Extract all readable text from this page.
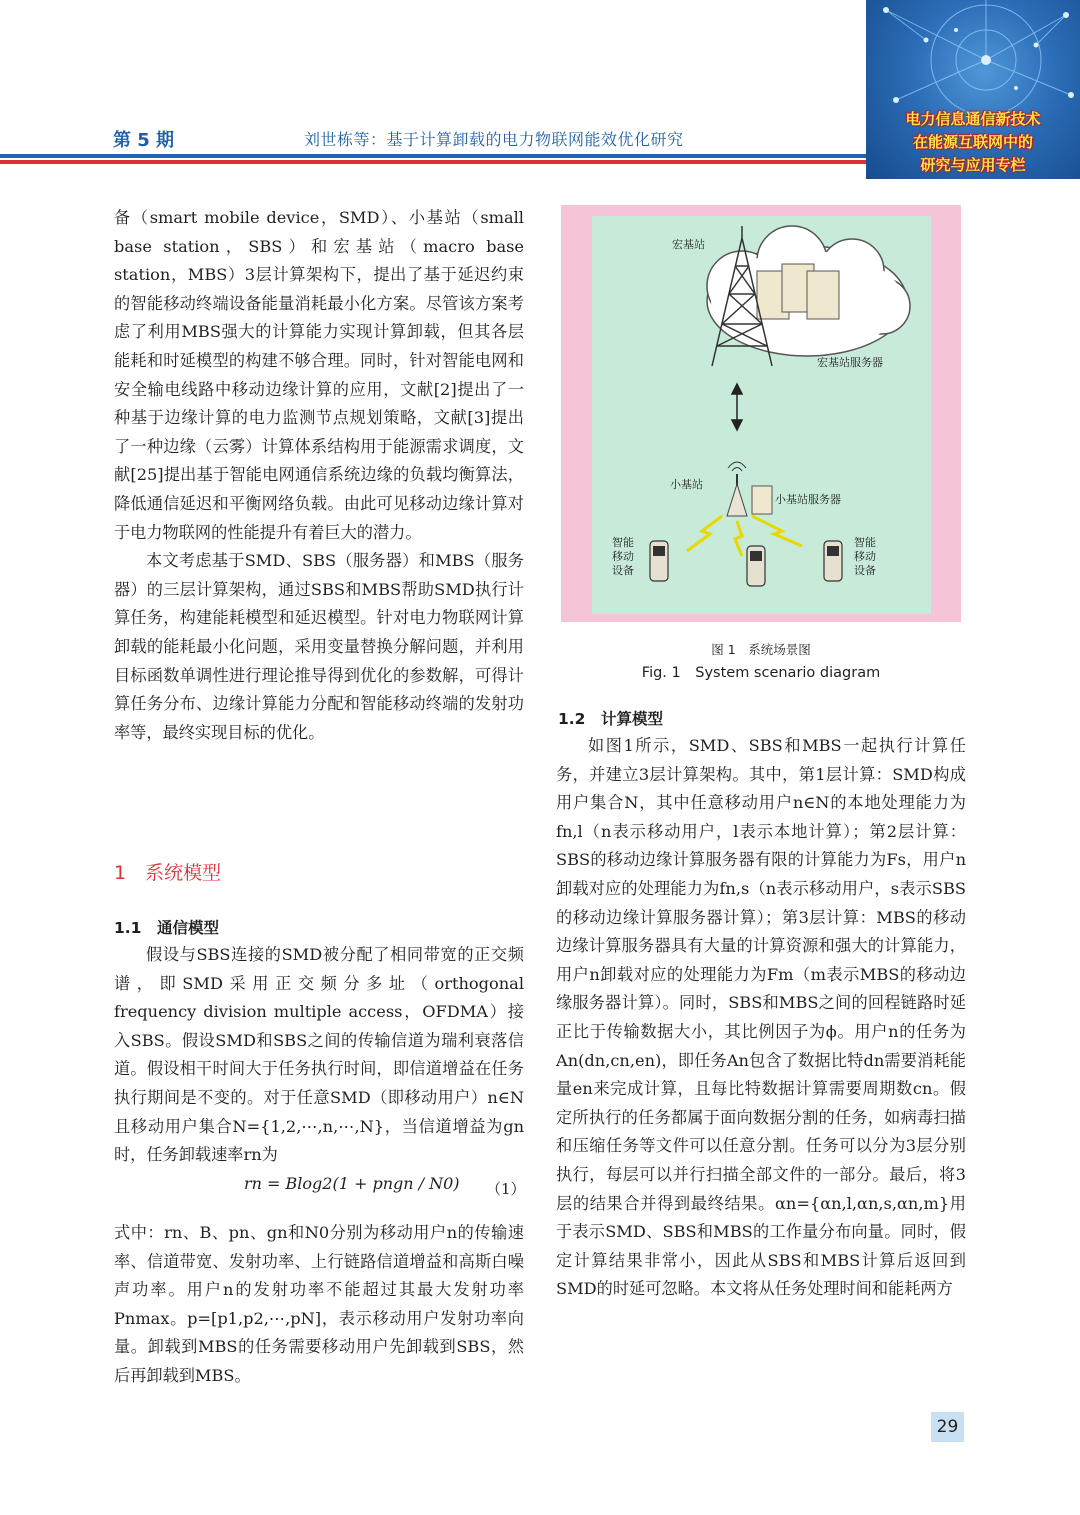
电力信息通信新技术
在能源互联网中的
研究与应用专栏
第 5 期	刘世栋等：基于计算卸载的电力物联网能效优化研究

备（smart mobile device，SMD）、小基站（small base station，SBS）和宏基站（macro base station，MBS）3层计算架构下，提出了基于延迟约束的智能移动终端设备能量消耗最小化方案。尽管该方案考虑了利用MBS强大的计算能力实现计算卸载，但其各层能耗和时延模型的构建不够合理。同时，针对智能电网和安全输电线路中移动边缘计算的应用，文献[2]提出了一种基于边缘计算的电力监测节点规划策略，文献[3]提出了一种边缘（云雾）计算体系结构用于能源需求调度，文献[25]提出基于智能电网通信系统边缘的负载均衡算法，降低通信延迟和平衡网络负载。由此可见移动边缘计算对于电力物联网的性能提升有着巨大的潜力。

本文考虑基于SMD、SBS（服务器）和MBS（服务器）的三层计算架构，通过SBS和MBS帮助SMD执行计算任务，构建能耗模型和延迟模型。针对电力物联网计算卸载的能耗最小化问题，采用变量替换分解问题，并利用目标函数单调性进行理论推导得到优化的参数解，可得计算任务分布、边缘计算能力分配和智能移动终端的发射功率等，最终实现目标的优化。

1　系统模型
1.1　通信模型

假设与SBS连接的SMD被分配了相同带宽的正交频谱，即SMD采用正交频分多址（orthogonal frequency division multiple access，OFDMA）接入SBS。假设SMD和SBS之间的传输信道为瑞利衰落信道。假设相干时间大于任务执行时间，即信道增益在任务执行期间是不变的。对于任意SMD（即移动用户）n∈N且移动用户集合N={1,2,⋯,n,⋯,N}，当信道增益为gn时，任务卸载速率rn为

rn = Blog2(1 + pngn / N0) （1）

式中：rn、B、pn、gn和N0分别为移动用户n的传输速率、信道带宽、发射功率、上行链路信道增益和高斯白噪声功率。用户n的发射功率不能超过其最大发射功率Pnmax。p=[p1,p2,⋯,pN]，表示移动用户发射功率向量。卸载到MBS的任务需要移动用户先卸载到SBS，然后再卸载到MBS。

宏基站
宏基站服务器
小基站
小基站服务器
智能
移动
设备
智能
移动
设备
图 1　系统场景图
Fig. 1　System scenario diagram
1.2　计算模型

如图1所示，SMD、SBS和MBS一起执行计算任务，并建立3层计算架构。其中，第1层计算：SMD构成用户集合N，其中任意移动用户n∈N的本地处理能力为fn,l（n表示移动用户，l表示本地计算）；第2层计算：SBS的移动边缘计算服务器有限的计算能力为Fs，用户n卸载对应的处理能力为fn,s（n表示移动用户，s表示SBS的移动边缘计算服务器计算）；第3层计算：MBS的移动边缘计算服务器具有大量的计算资源和强大的计算能力，用户n卸载对应的处理能力为Fm（m表示MBS的移动边缘服务器计算）。同时，SBS和MBS之间的回程链路时延正比于传输数据大小，其比例因子为ϕ。用户n的任务为An(dn,cn,en)，即任务An包含了数据比特dn需要消耗能量en来完成计算，且每比特数据计算需要周期数cn。假定所执行的任务都属于面向数据分割的任务，如病毒扫描和压缩任务等文件可以任意分割。任务可以分为3层分别执行，每层可以并行扫描全部文件的一部分。最后，将3层的结果合并得到最终结果。αn={αn,l,αn,s,αn,m}用于表示SMD、SBS和MBS的工作量分布向量。同时，假定计算结果非常小，因此从SBS和MBS计算后返回到SMD的时延可忽略。本文将从任务处理时间和能耗两方

29
